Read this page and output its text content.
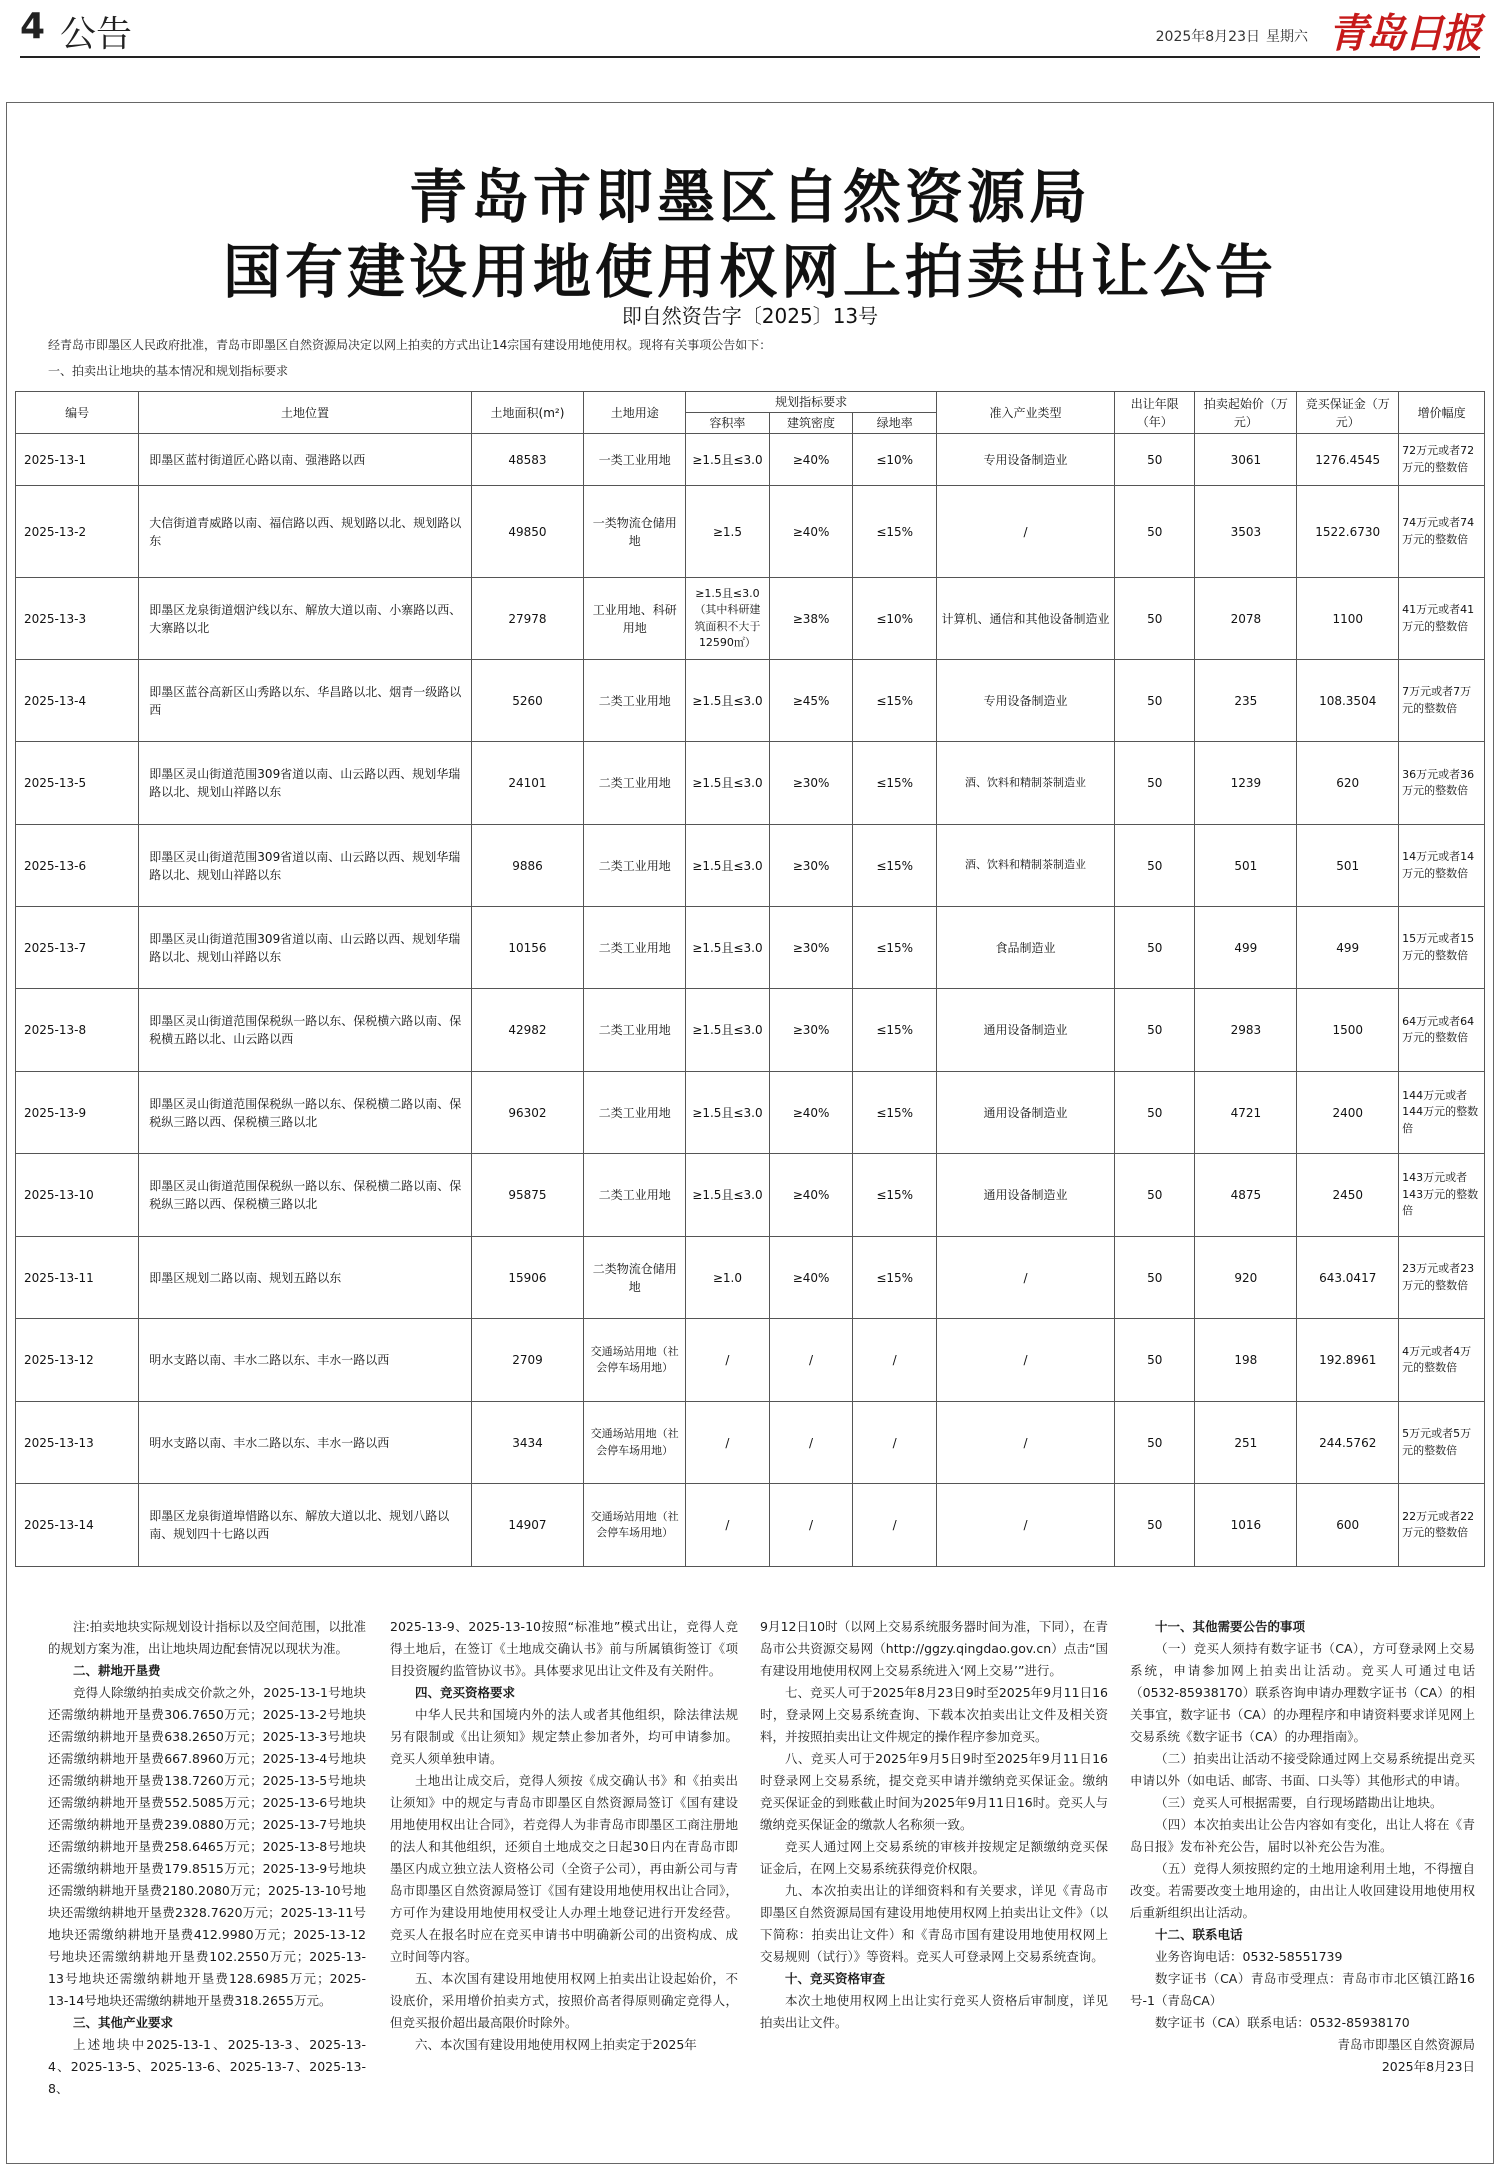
4 公告	2025年8月23日 星期六 青岛日报
青岛市即墨区自然资源局
国有建设用地使用权网上拍卖出让公告
即自然资告字〔2025〕13号
经青岛市即墨区人民政府批准，青岛市即墨区自然资源局决定以网上拍卖的方式出让14宗国有建设用地使用权。现将有关事项公告如下：
一、拍卖出让地块的基本情况和规划指标要求
编号	土地位置	土地面积(m²)	土地用途	规划指标要求			准入产业类型	出让年限（年）	拍卖起始价（万元）	竞买保证金（万元）	增价幅度
				容积率	建筑密度	绿地率					
2025-13-1	即墨区蓝村街道匠心路以南、强港路以西	48583	一类工业用地	≥1.5且≤3.0	≥40%	≤10%	专用设备制造业	50	3061	1276.4545	72万元或者72万元的整数倍
2025-13-2	大信街道青威路以南、福信路以西、规划路以北、规划路以东	49850	一类物流仓储用地	≥1.5	≥40%	≤15%	/	50	3503	1522.6730	74万元或者74万元的整数倍
2025-13-3	即墨区龙泉街道烟沪线以东、解放大道以南、小寨路以西、大寨路以北	27978	工业用地、科研用地	≥1.5且≤3.0（其中科研建筑面积不大于12590㎡）	≥38%	≤10%	计算机、通信和其他设备制造业	50	2078	1100	41万元或者41万元的整数倍
2025-13-4	即墨区蓝谷高新区山秀路以东、华昌路以北、烟青一级路以西	5260	二类工业用地	≥1.5且≤3.0	≥45%	≤15%	专用设备制造业	50	235	108.3504	7万元或者7万元的整数倍
2025-13-5	即墨区灵山街道范围309省道以南、山云路以西、规划华瑞路以北、规划山祥路以东	24101	二类工业用地	≥1.5且≤3.0	≥30%	≤15%	酒、饮料和精制茶制造业	50	1239	620	36万元或者36万元的整数倍
2025-13-6	即墨区灵山街道范围309省道以南、山云路以西、规划华瑞路以北、规划山祥路以东	9886	二类工业用地	≥1.5且≤3.0	≥30%	≤15%	酒、饮料和精制茶制造业	50	501	501	14万元或者14万元的整数倍
2025-13-7	即墨区灵山街道范围309省道以南、山云路以西、规划华瑞路以北、规划山祥路以东	10156	二类工业用地	≥1.5且≤3.0	≥30%	≤15%	食品制造业	50	499	499	15万元或者15万元的整数倍
2025-13-8	即墨区灵山街道范围保税纵一路以东、保税横六路以南、保税横五路以北、山云路以西	42982	二类工业用地	≥1.5且≤3.0	≥30%	≤15%	通用设备制造业	50	2983	1500	64万元或者64万元的整数倍
2025-13-9	即墨区灵山街道范围保税纵一路以东、保税横二路以南、保税纵三路以西、保税横三路以北	96302	二类工业用地	≥1.5且≤3.0	≥40%	≤15%	通用设备制造业	50	4721	2400	144万元或者144万元的整数倍
2025-13-10	即墨区灵山街道范围保税纵一路以东、保税横二路以南、保税纵三路以西、保税横三路以北	95875	二类工业用地	≥1.5且≤3.0	≥40%	≤15%	通用设备制造业	50	4875	2450	143万元或者143万元的整数倍
2025-13-11	即墨区规划二路以南、规划五路以东	15906	二类物流仓储用地	≥1.0	≥40%	≤15%	/	50	920	643.0417	23万元或者23万元的整数倍
2025-13-12	明水支路以南、丰水二路以东、丰水一路以西	2709	交通场站用地（社会停车场用地）	/	/	/	/	50	198	192.8961	4万元或者4万元的整数倍
2025-13-13	明水支路以南、丰水二路以东、丰水一路以西	3434	交通场站用地（社会停车场用地）	/	/	/	/	50	251	244.5762	5万元或者5万元的整数倍
2025-13-14	即墨区龙泉街道埠惜路以东、解放大道以北、规划八路以南、规划四十七路以西	14907	交通场站用地（社会停车场用地）	/	/	/	/	50	1016	600	22万元或者22万元的整数倍

注:拍卖地块实际规划设计指标以及空间范围，以批准的规划方案为准，出让地块周边配套情况以现状为准。

二、耕地开垦费

竞得人除缴纳拍卖成交价款之外，2025-13-1号地块还需缴纳耕地开垦费306.7650万元；2025-13-2号地块还需缴纳耕地开垦费638.2650万元；2025-13-3号地块还需缴纳耕地开垦费667.8960万元；2025-13-4号地块还需缴纳耕地开垦费138.7260万元；2025-13-5号地块还需缴纳耕地开垦费552.5085万元；2025-13-6号地块还需缴纳耕地开垦费239.0880万元；2025-13-7号地块还需缴纳耕地开垦费258.6465万元；2025-13-8号地块还需缴纳耕地开垦费179.8515万元；2025-13-9号地块还需缴纳耕地开垦费2180.2080万元；2025-13-10号地块还需缴纳耕地开垦费2328.7620万元；2025-13-11号地块还需缴纳耕地开垦费412.9980万元；2025-13-12号地块还需缴纳耕地开垦费102.2550万元；2025-13-13号地块还需缴纳耕地开垦费128.6985万元；2025-13-14号地块还需缴纳耕地开垦费318.2655万元。

三、其他产业要求

上述地块中2025-13-1、2025-13-3、2025-13-4、2025-13-5、2025-13-6、2025-13-7、2025-13-8、

2025-13-9、2025-13-10按照“标准地”模式出让，竞得人竞得土地后，在签订《土地成交确认书》前与所属镇街签订《项目投资履约监管协议书》。具体要求见出让文件及有关附件。

四、竞买资格要求

中华人民共和国境内外的法人或者其他组织，除法律法规另有限制或《出让须知》规定禁止参加者外，均可申请参加。竞买人须单独申请。

土地出让成交后，竞得人须按《成交确认书》和《拍卖出让须知》中的规定与青岛市即墨区自然资源局签订《国有建设用地使用权出让合同》，若竞得人为非青岛市即墨区工商注册地的法人和其他组织，还须自土地成交之日起30日内在青岛市即墨区内成立独立法人资格公司（全资子公司），再由新公司与青岛市即墨区自然资源局签订《国有建设用地使用权出让合同》，方可作为建设用地使用权受让人办理土地登记进行开发经营。竞买人在报名时应在竞买申请书中明确新公司的出资构成、成立时间等内容。

五、本次国有建设用地使用权网上拍卖出让设起始价，不设底价，采用增价拍卖方式，按照价高者得原则确定竞得人，但竞买报价超出最高限价时除外。

六、本次国有建设用地使用权网上拍卖定于2025年

9月12日10时（以网上交易系统服务器时间为准，下同），在青岛市公共资源交易网（http://ggzy.qingdao.gov.cn）点击“国有建设用地使用权网上交易系统进入‘网上交易’”进行。

七、竞买人可于2025年8月23日9时至2025年9月11日16时，登录网上交易系统查询、下载本次拍卖出让文件及相关资料，并按照拍卖出让文件规定的操作程序参加竞买。

八、竞买人可于2025年9月5日9时至2025年9月11日16时登录网上交易系统，提交竞买申请并缴纳竞买保证金。缴纳竞买保证金的到账截止时间为2025年9月11日16时。竞买人与缴纳竞买保证金的缴款人名称须一致。

竞买人通过网上交易系统的审核并按规定足额缴纳竞买保证金后，在网上交易系统获得竞价权限。

九、本次拍卖出让的详细资料和有关要求，详见《青岛市即墨区自然资源局国有建设用地使用权网上拍卖出让文件》（以下简称：拍卖出让文件）和《青岛市国有建设用地使用权网上交易规则（试行）》等资料。竞买人可登录网上交易系统查询。

十、竞买资格审查

本次土地使用权网上出让实行竞买人资格后审制度，详见拍卖出让文件。

十一、其他需要公告的事项

（一）竞买人须持有数字证书（CA），方可登录网上交易系统，申请参加网上拍卖出让活动。竞买人可通过电话（0532-85938170）联系咨询申请办理数字证书（CA）的相关事宜，数字证书（CA）的办理程序和申请资料要求详见网上交易系统《数字证书（CA）的办理指南》。

（二）拍卖出让活动不接受除通过网上交易系统提出竞买申请以外（如电话、邮寄、书面、口头等）其他形式的申请。

（三）竞买人可根据需要，自行现场踏勘出让地块。

（四）本次拍卖出让公告内容如有变化，出让人将在《青岛日报》发布补充公告，届时以补充公告为准。

（五）竞得人须按照约定的土地用途利用土地，不得擅自改变。若需要改变土地用途的，由出让人收回建设用地使用权后重新组织出让活动。

十二、联系电话

业务咨询电话：0532-58551739

数字证书（CA）青岛市受理点：青岛市市北区镇江路16号-1（青岛CA）

数字证书（CA）联系电话：0532-85938170

青岛市即墨区自然资源局

2025年8月23日
